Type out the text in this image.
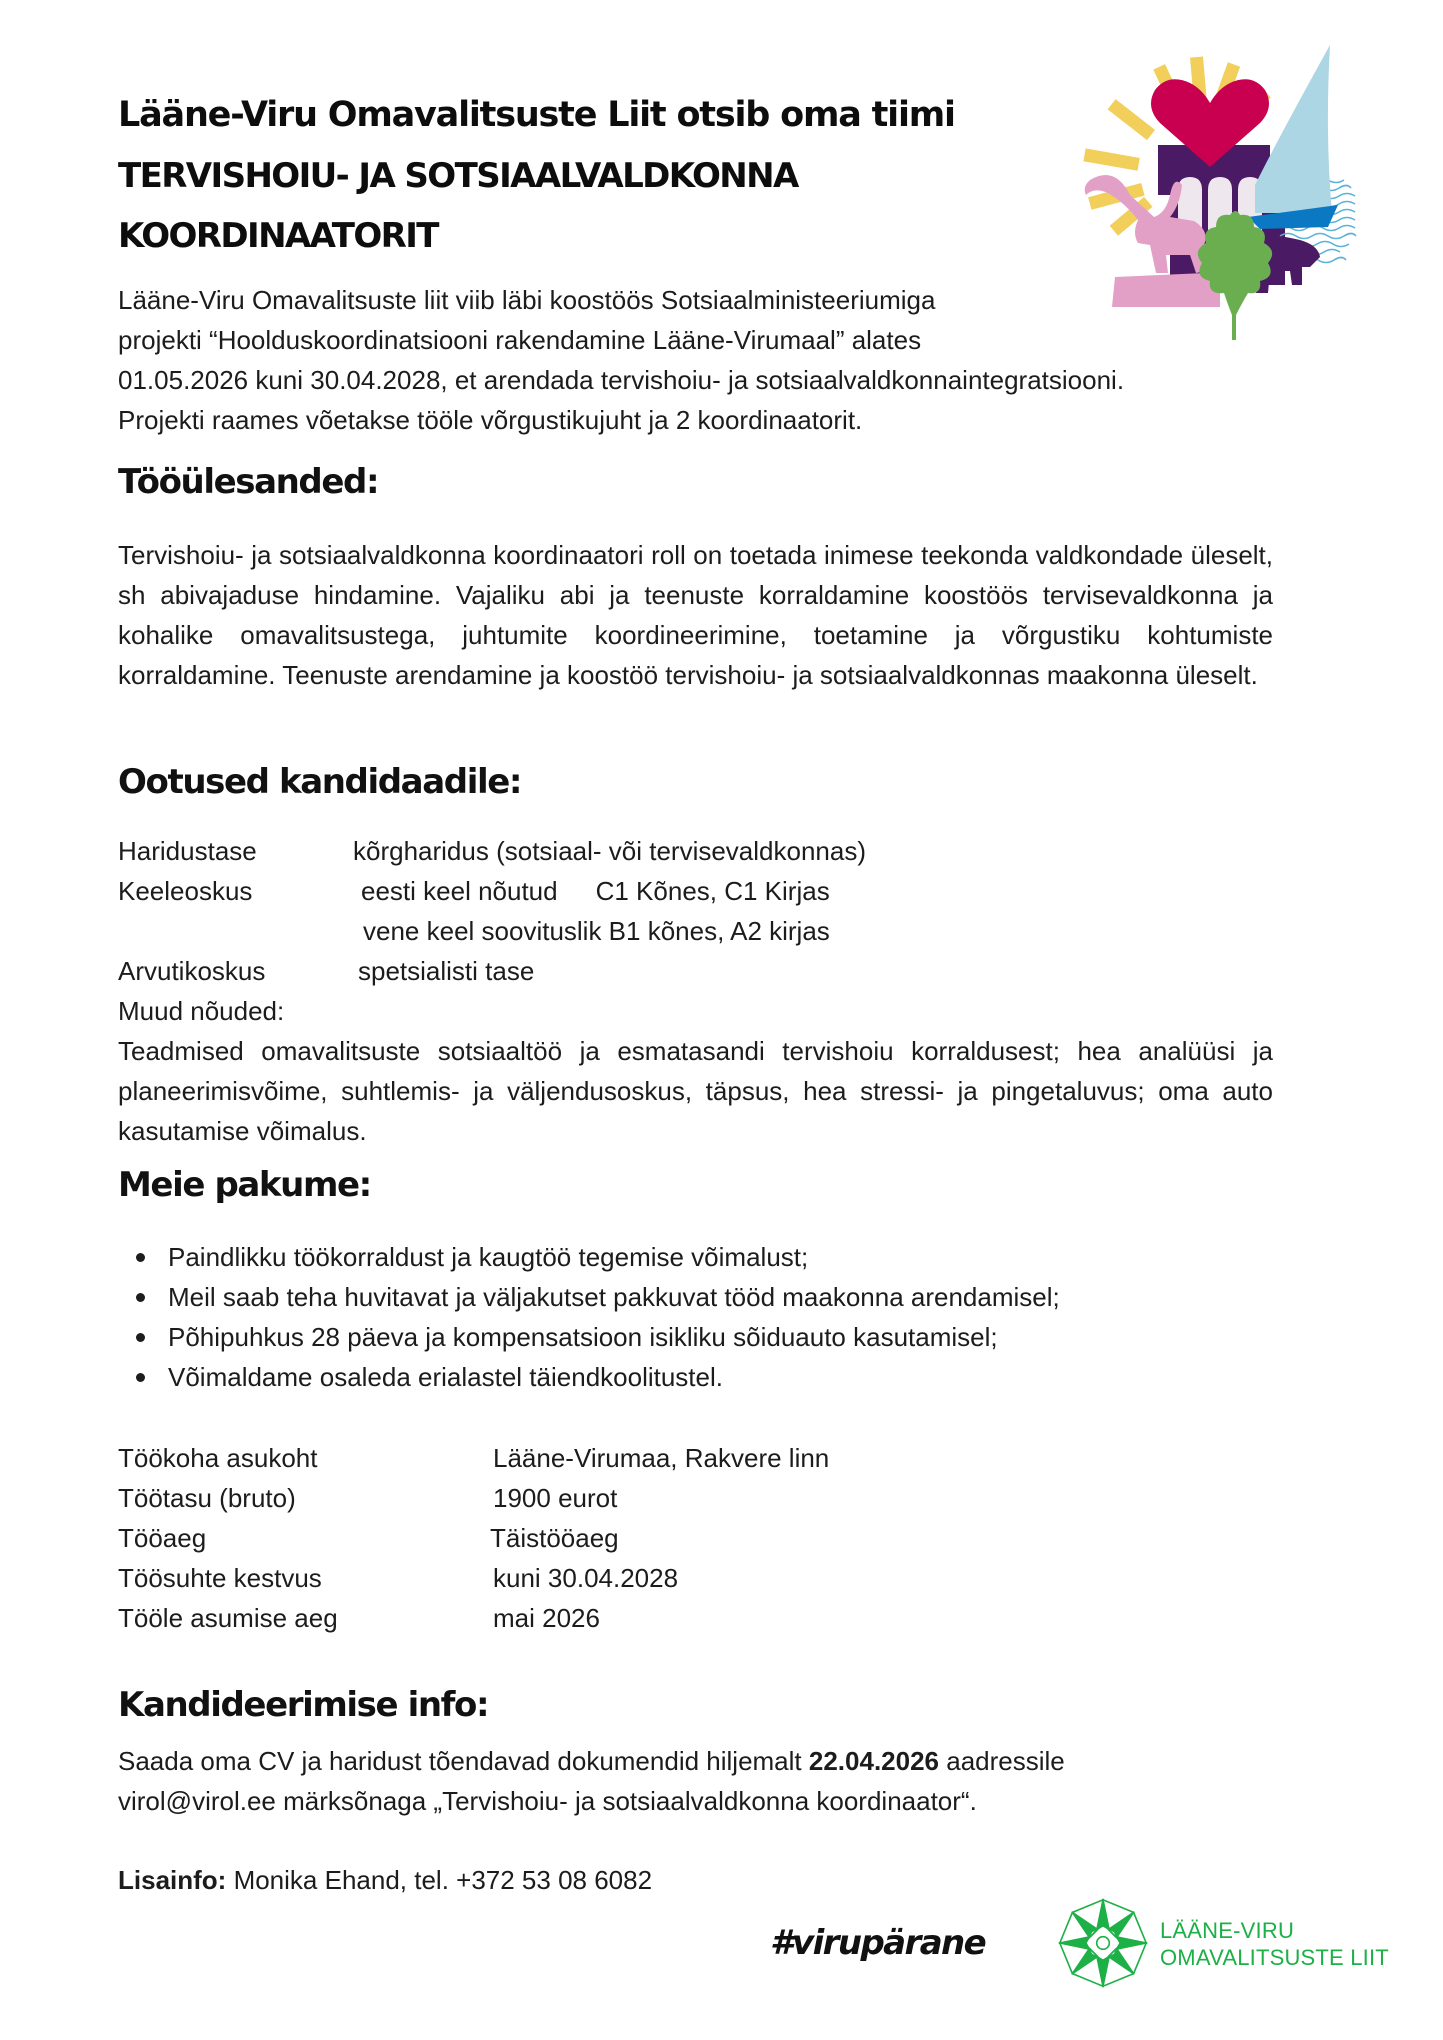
Lääne-Viru Omavalitsuste Liit otsib oma tiimi
TERVISHOIU- JA SOTSIAALVALDKONNA
KOORDINAATORIT

Lääne-Viru Omavalitsuste liit viib läbi koostöös Sotsiaalministeeriumiga

projekti “Hoolduskoordinatsiooni rakendamine Lääne-Virumaal” alates

01.05.2026 kuni 30.04.2028, et arendada tervishoiu- ja sotsiaalvaldkonnaintegratsiooni.

Projekti raames võetakse tööle võrgustikujuht ja 2 koordinaatorit.

Tööülesanded:

Tervishoiu- ja sotsiaalvaldkonna koordinaatori roll on toetada inimese teekonda valdkondade üleselt, sh abivajaduse hindamine. Vajaliku abi ja teenuste korraldamine koostöös tervisevaldkonna ja kohalike omavalitsustega, juhtumite koordineerimine, toetamine ja võrgustiku kohtumiste korraldamine. Teenuste arendamine ja koostöö tervishoiu- ja sotsiaalvaldkonnas maakonna üleselt.

Ootused kandidaadile:
Haridustase	kõrgharidus (sotsiaal- või tervisevaldkonnas)
Keeleoskus	eesti keel nõutud C1 Kõnes, C1 Kirjas
vene keel soovituslik B1 kõnes, A2 kirjas
Arvutikoskus	spetsialisti tase
Muud nõuded:

Teadmised omavalitsuste sotsiaaltöö ja esmatasandi tervishoiu korraldusest; hea analüüsi ja planeerimisvõime, suhtlemis- ja väljendusoskus, täpsus, hea stressi- ja pingetaluvus; oma auto kasutamise võimalus.

Meie pakume:
Paindlikku töökorraldust ja kaugtöö tegemise võimalust;
Meil saab teha huvitavat ja väljakutset pakkuvat tööd maakonna arendamisel;
Põhipuhkus 28 päeva ja kompensatsioon isikliku sõiduauto kasutamisel;
Võimaldame osaleda erialastel täiendkoolitustel.
Töökoha asukoht	Lääne-Virumaa, Rakvere linn
Töötasu (bruto)	1900 eurot
Tööaeg	Täistööaeg
Töösuhte kestvus	kuni 30.04.2028
Tööle asumise aeg	mai 2026
Kandideerimise info:

Saada oma CV ja haridust tõendavad dokumendid hiljemalt 22.04.2026 aadressile

virol@virol.ee märksõnaga „Tervishoiu- ja sotsiaalvaldkonna koordinaator“.

Lisainfo: Monika Ehand, tel. +372 53 08 6082
#virupärane	LÄÄNE-VIRU
OMAVALITSUSTE LIIT
